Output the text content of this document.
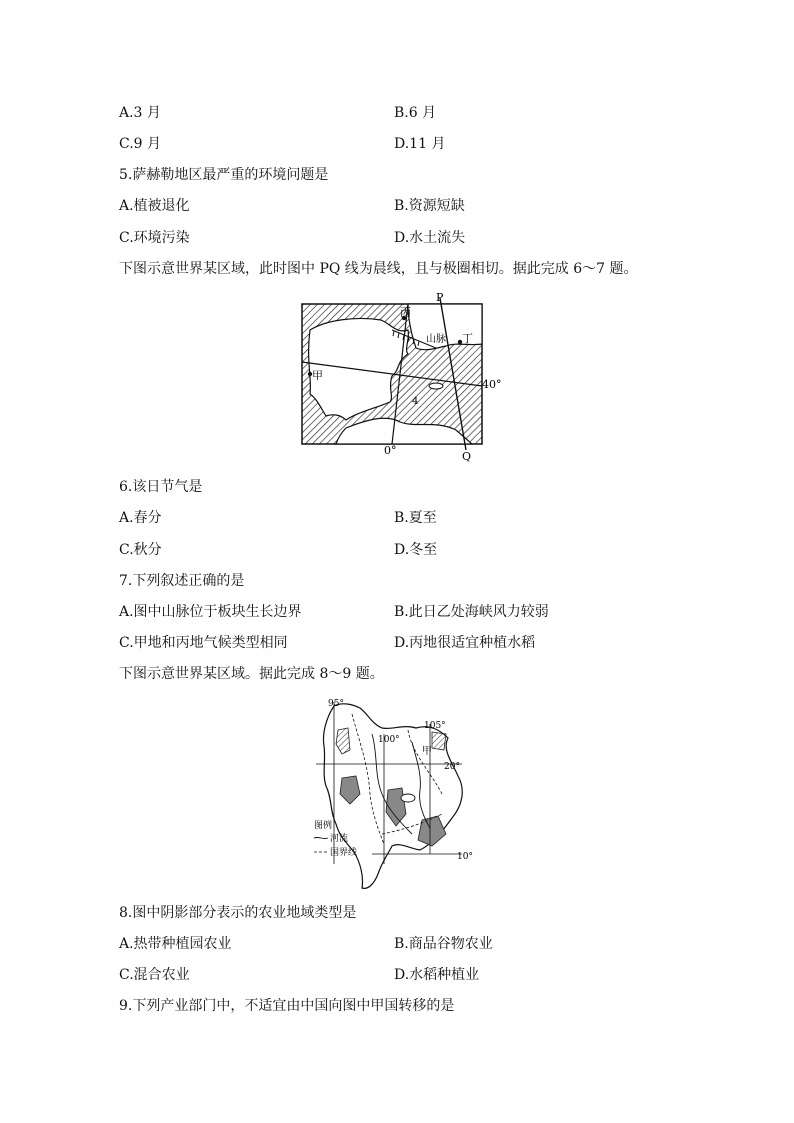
A.3 月	B.6 月
C.9 月	D.11 月
5.萨赫勒地区最严重的环境问题是
A.植被退化	B.资源短缺
C.环境污染	D.水土流失
下图示意世界某区域，此时图中 PQ 线为晨线，且与极圈相切。据此完成 6～7 题。
P
Q
丙
丁
山脉
甲
40°
0°
4
6.该日节气是
A.春分	B.夏至
C.秋分	D.冬至
7.下列叙述正确的是
A.图中山脉位于板块生长边界	B.此日乙处海峡风力较弱
C.甲地和丙地气候类型相同	D.丙地很适宜种植水稻
下图示意世界某区域。据此完成 8～9 题。
95°
100°
105°
20°
10°
甲
图例
河流
国界线
8.图中阴影部分表示的农业地域类型是
A.热带种植园农业	B.商品谷物农业
C.混合农业	D.水稻种植业
9.下列产业部门中，不适宜由中国向图中甲国转移的是
